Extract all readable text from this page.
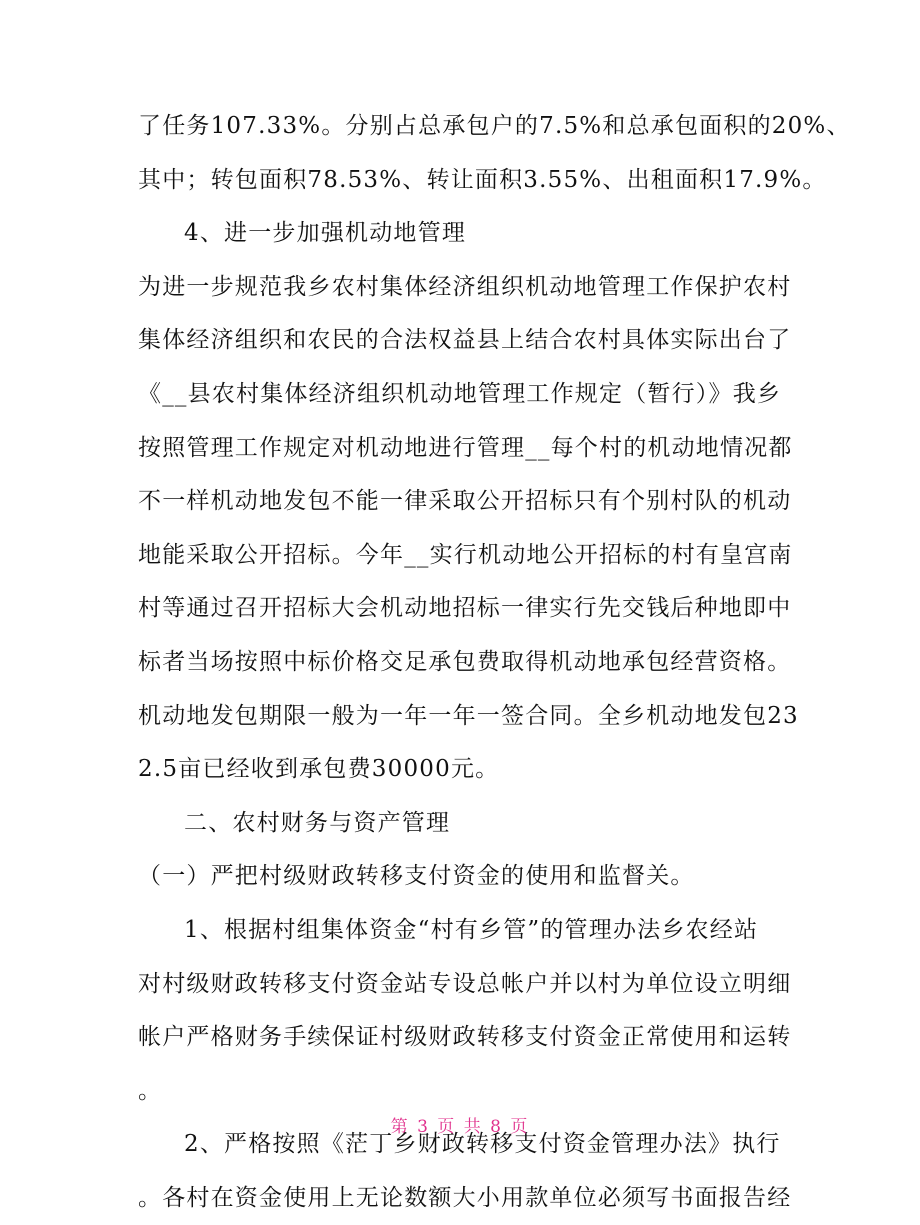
了任务107.33%。分别占总承包户的7.5%和总承包面积的20%、
其中；转包面积78.53%、转让面积3.55%、出租面积17.9%。
4、进一步加强机动地管理
为进一步规范我乡农村集体经济组织机动地管理工作保护农村
集体经济组织和农民的合法权益县上结合农村具体实际出台了
《__县农村集体经济组织机动地管理工作规定（暂行）》我乡
按照管理工作规定对机动地进行管理__每个村的机动地情况都
不一样机动地发包不能一律采取公开招标只有个别村队的机动
地能采取公开招标。今年__实行机动地公开招标的村有皇宫南
村等通过召开招标大会机动地招标一律实行先交钱后种地即中
标者当场按照中标价格交足承包费取得机动地承包经营资格。
机动地发包期限一般为一年一年一签合同。全乡机动地发包23
2.5亩已经收到承包费30000元。
二、农村财务与资产管理
（一）严把村级财政转移支付资金的使用和监督关。
1、根据村组集体资金“村有乡管”的管理办法乡农经站
对村级财政转移支付资金站专设总帐户并以村为单位设立明细
帐户严格财务手续保证村级财政转移支付资金正常使用和运转
。
2、严格按照《茫丁乡财政转移支付资金管理办法》执行
。各村在资金使用上无论数额大小用款单位必须写书面报告经
第 3 页 共 8 页
